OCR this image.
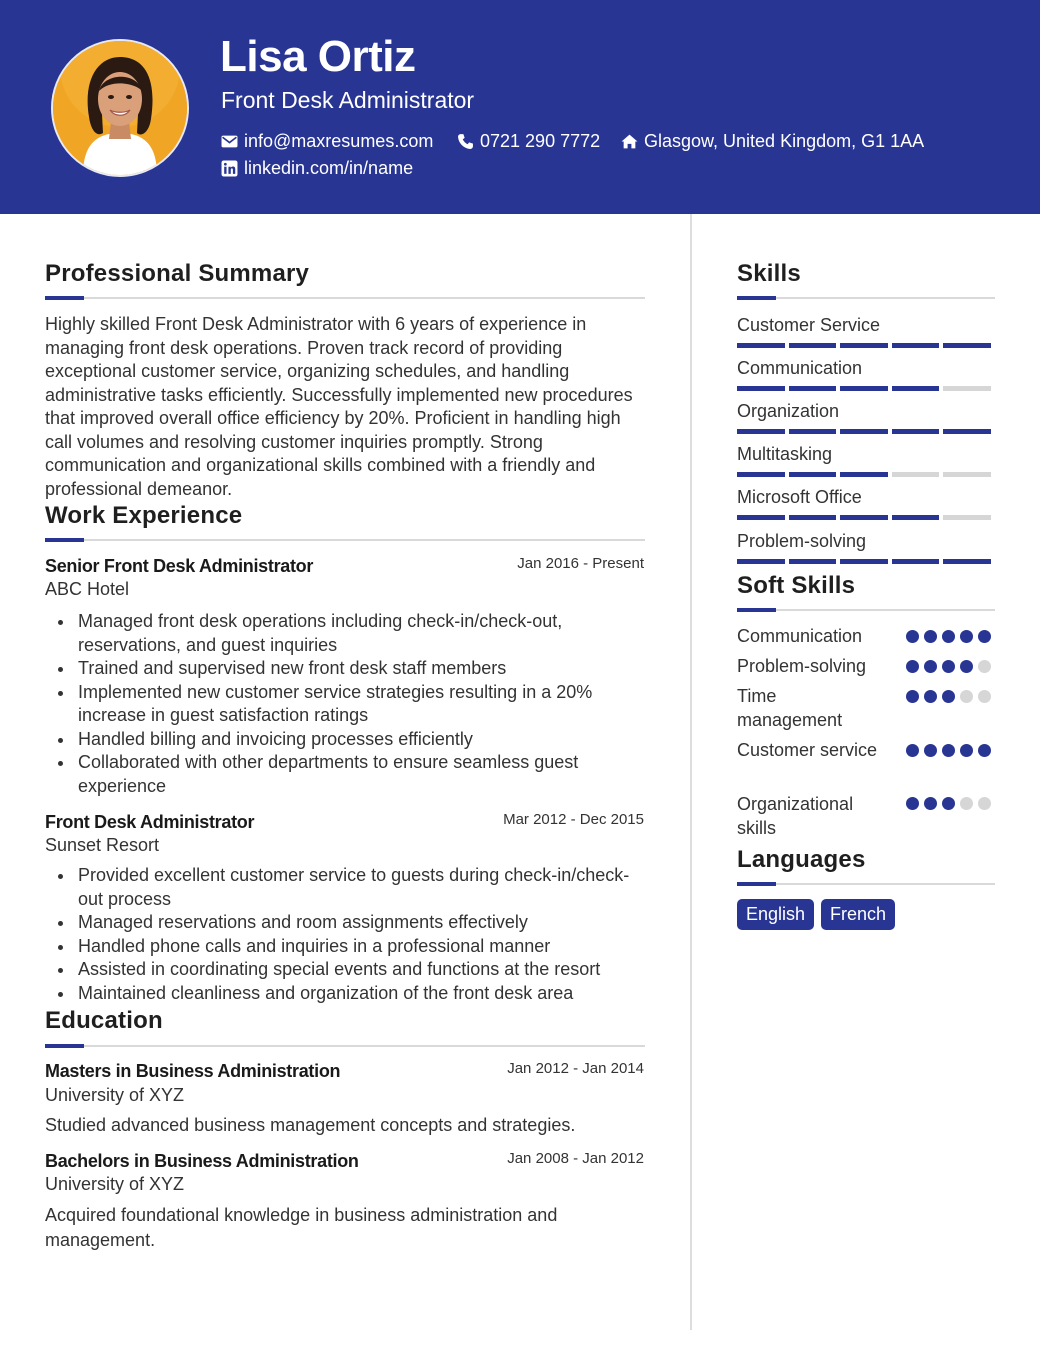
Lisa Ortiz
Front Desk Administrator
info@maxresumes.com	0721 290 7772 Glasgow, United Kingdom, G1 1AA
linkedin.com/in/name
Professional Summary
Highly skilled Front Desk Administrator with 6 years of experience in managing front desk operations. Proven track record of providing exceptional customer service, organizing schedules, and handling administrative tasks efficiently. Successfully implemented new procedures that improved overall office efficiency by 20%. Proficient in handling high call volumes and resolving customer inquiries promptly. Strong communication and organizational skills combined with a friendly and professional demeanor.
Work Experience
Senior Front Desk Administrator	Jan 2016 - Present
ABC Hotel
Managed front desk operations including check-in/check-out, reservations, and guest inquiries
Trained and supervised new front desk staff members
Implemented new customer service strategies resulting in a 20% increase in guest satisfaction ratings
Handled billing and invoicing processes efficiently
Collaborated with other departments to ensure seamless guest experience
Front Desk Administrator	Mar 2012 - Dec 2015
Sunset Resort
Provided excellent customer service to guests during check-in/check-out process
Managed reservations and room assignments effectively
Handled phone calls and inquiries in a professional manner
Assisted in coordinating special events and functions at the resort
Maintained cleanliness and organization of the front desk area
Education
Masters in Business Administration	Jan 2012 - Jan 2014
University of XYZ
Studied advanced business management concepts and strategies.
Bachelors in Business Administration	Jan 2008 - Jan 2012
University of XYZ
Acquired foundational knowledge in business administration and management.
Skills
Customer Service
Communication
Organization
Multitasking
Microsoft Office
Problem-solving
Soft Skills
Communication
Problem-solving
Time management
Customer service
Organizational skills
Languages
English	French
